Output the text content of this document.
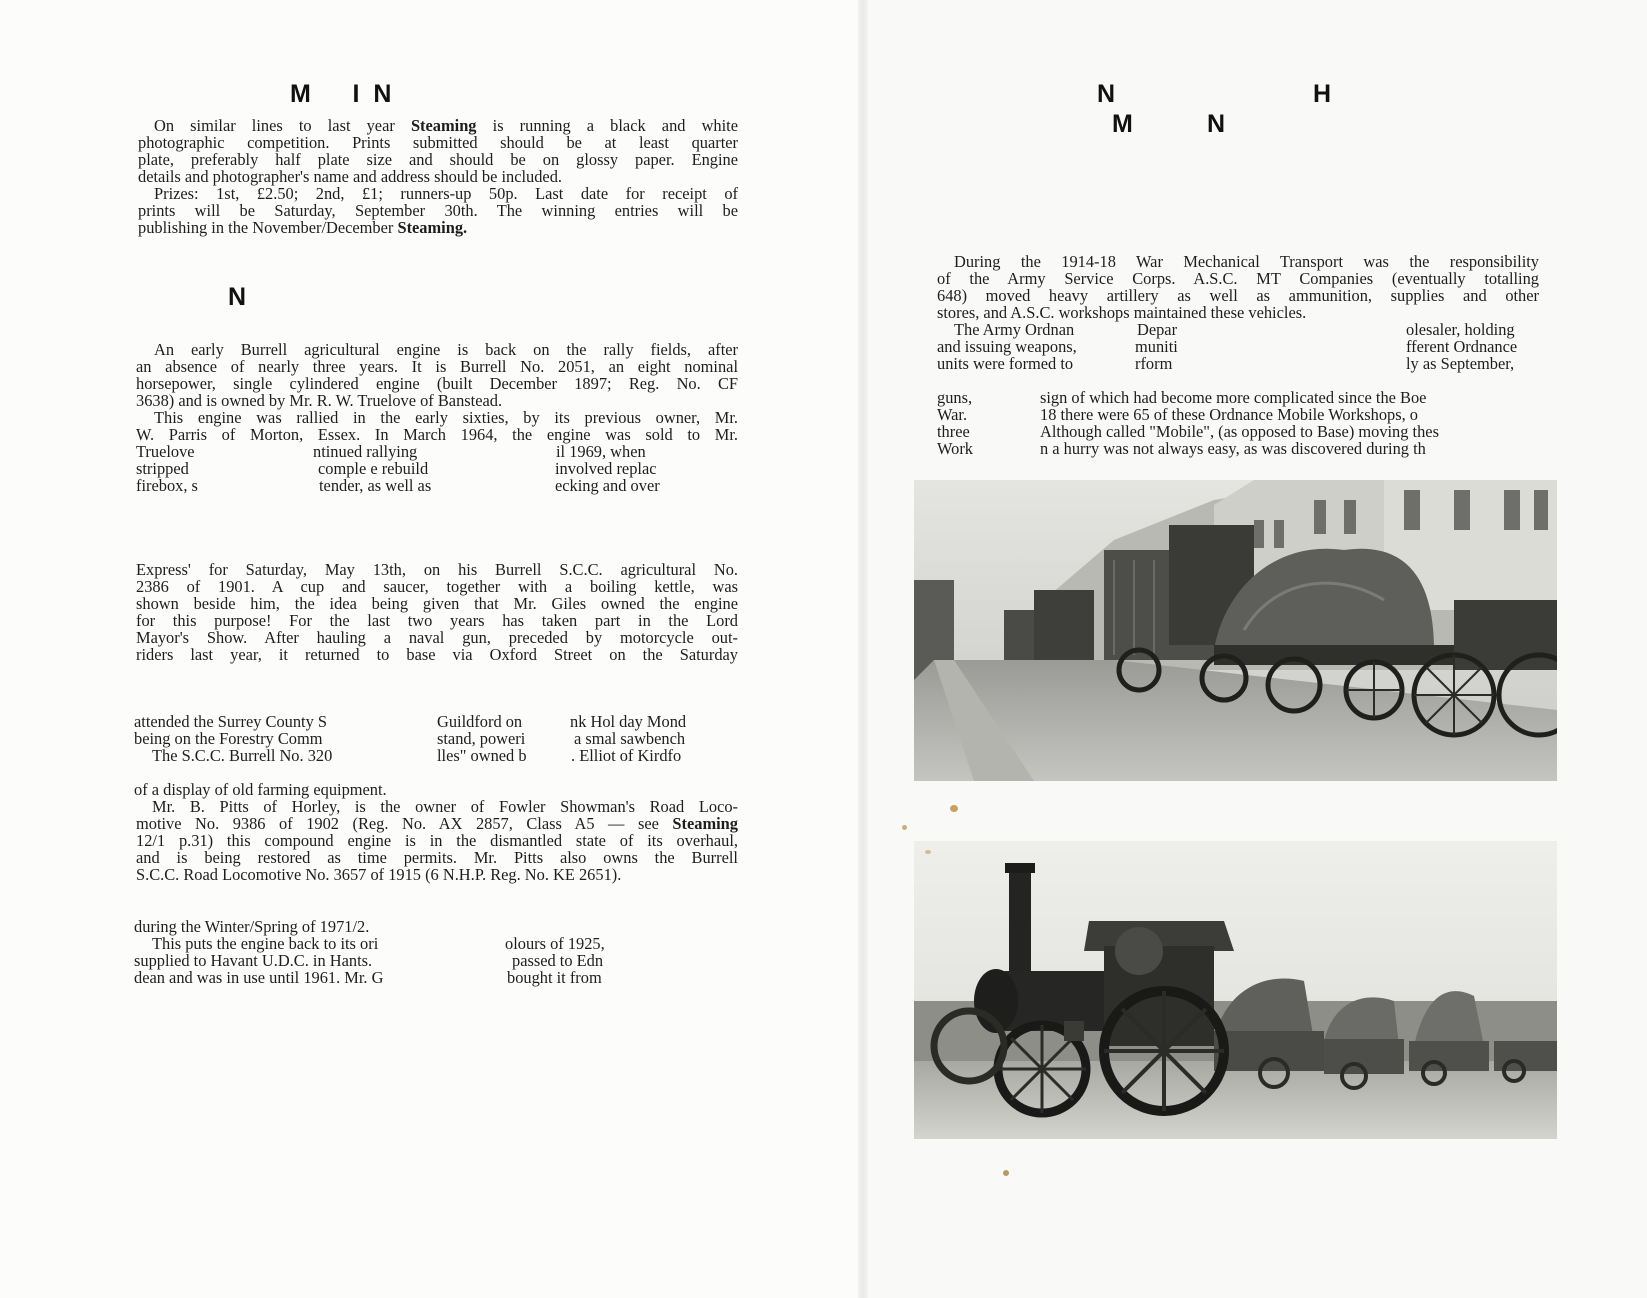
M      I  N

On similar lines to last year Steaming is running a black and white

photographic competition. Prints submitted should be at least quarter

plate, preferably half plate size and should be on glossy paper. Engine

details and photographer's name and address should be included.

Prizes: 1st, £2.50; 2nd, £1; runners-up 50p. Last date for receipt of

prints will be Saturday, September 30th. The winning entries will be

publishing in the November/December Steaming.

N

An early Burrell agricultural engine is back on the rally fields, after

an absence of nearly three years. It is Burrell No. 2051, an eight nominal

horsepower, single cylindered engine (built December 1897; Reg. No. CF

3638) and is owned by Mr. R. W. Truelove of Banstead.

This engine was rallied in the early sixties, by its previous owner, Mr.

W. Parris of Morton, Essex. In March 1964, the engine was sold to Mr.

Truelove

stripped

firebox, s

ntinued rallying

comple e rebuild

tender, as well as

il 1969, when

involved replac

ecking and over

Express' for Saturday, May 13th, on his Burrell S.C.C. agricultural No.

2386 of 1901. A cup and saucer, together with a boiling kettle, was

shown beside him, the idea being given that Mr. Giles owned the engine

for this purpose! For the last two years has taken part in the Lord

Mayor's Show. After hauling a naval gun, preceded by motorcycle out-

riders last year, it returned to base via Oxford Street on the Saturday

attended the Surrey County S

being on the Forestry Comm

The S.C.C. Burrell No. 320

Guildford on

stand, poweri

lles" owned b

nk Hol day Mond

a smal sawbench

. Elliot of Kirdfo

of a display of old farming equipment.

Mr. B. Pitts of Horley, is the owner of Fowler Showman's Road Loco-

motive No. 9386 of 1902 (Reg. No. AX 2857, Class A5 — see Steaming

12/1 p.31) this compound engine is in the dismantled state of its overhaul,

and is being restored as time permits. Mr. Pitts also owns the Burrell

S.C.C. Road Locomotive No. 3657 of 1915 (6 N.H.P. Reg. No. KE 2651).

during the Winter/Spring of 1971/2.

This puts the engine back to its ori

supplied to Havant U.D.C. in Hants.

dean and was in use until 1961. Mr. G

olours of 1925,

passed to Edn

bought it from

N	H
M	N

During the 1914-18 War Mechanical Transport was the responsibility

of the Army Service Corps. A.S.C. MT Companies (eventually totalling

648) moved heavy artillery as well as ammunition, supplies and other

stores, and A.S.C. workshops maintained these vehicles.

The Army Ordnan

and issuing weapons,

units were formed to

Depar

muniti

rform

olesaler, holding

fferent Ordnance

ly as September,

guns,

War.

three

Work

sign of which had become more complicated since the Boe

18 there were 65 of these Ordnance Mobile Workshops, o

Although called "Mobile", (as opposed to Base) moving thes

n a hurry was not always easy, as was discovered during th
